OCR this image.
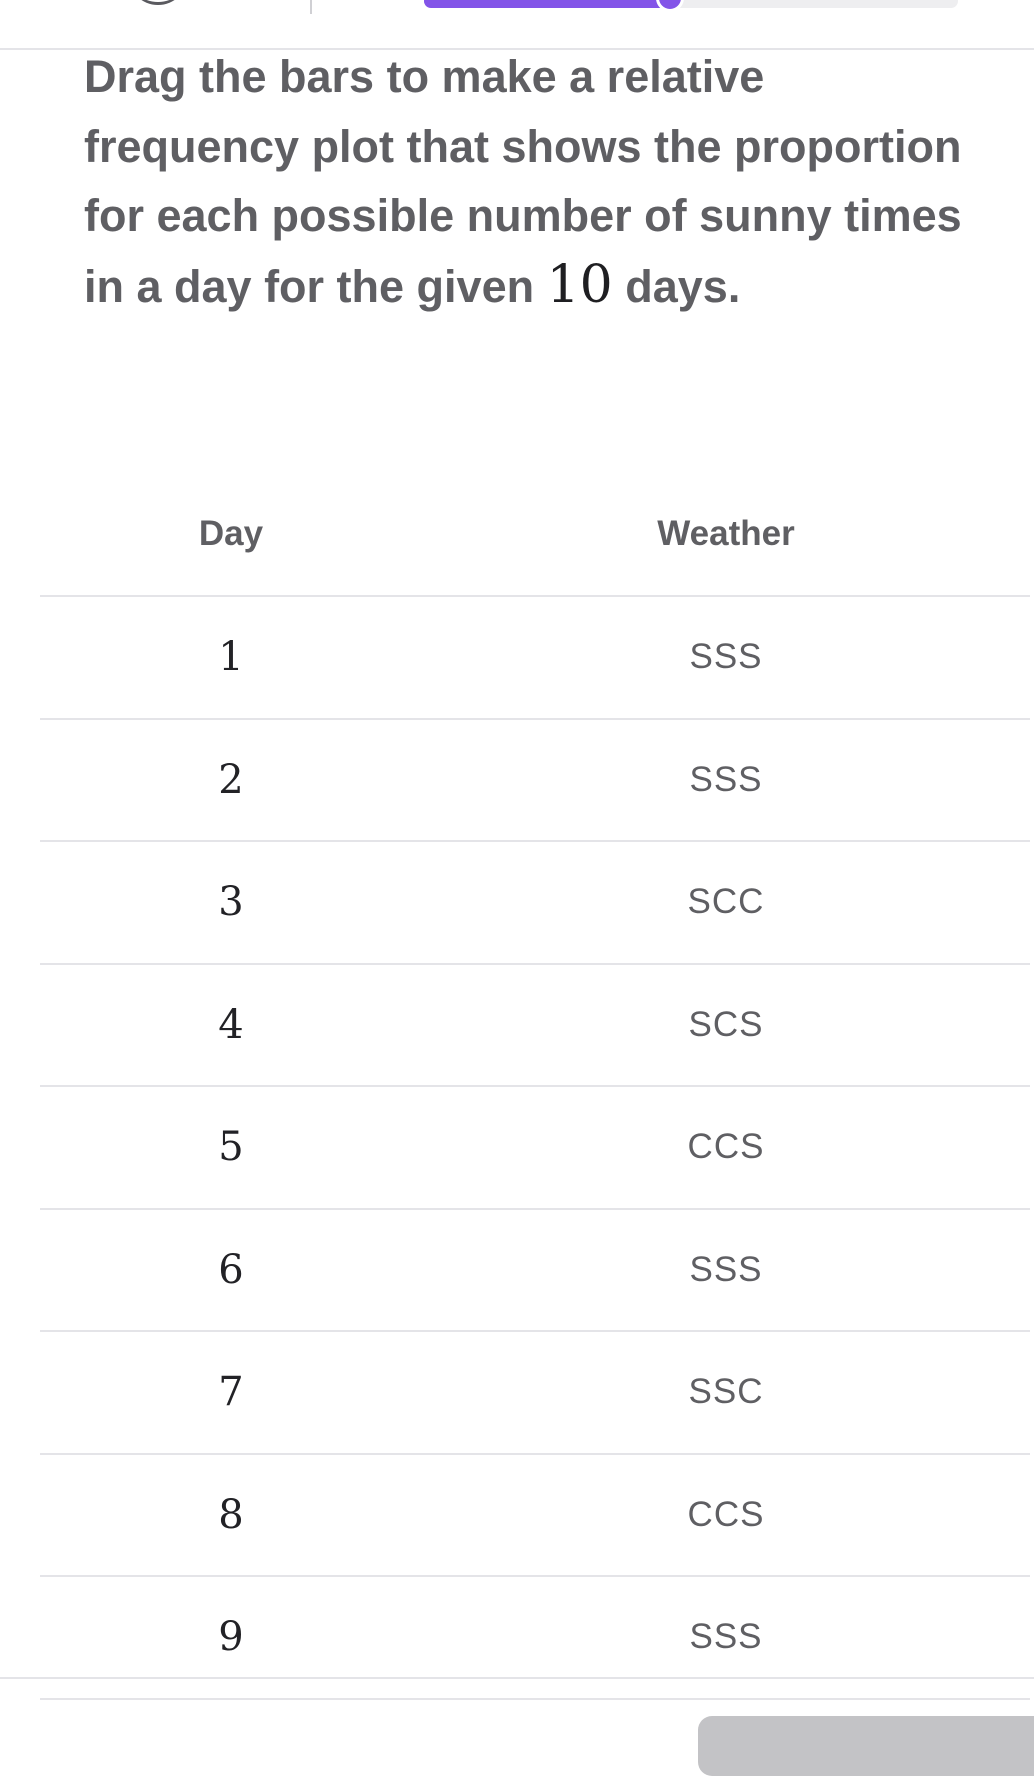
Drag the bars to make a relative frequency plot that shows the proportion for each possible number of sunny times in a day for the given 10 days.

Day	Weather
1	SSS
2	SSS
3	SCC
4	SCS
5	CCS
6	SSS
7	SSC
8	CCS
9	SSS
